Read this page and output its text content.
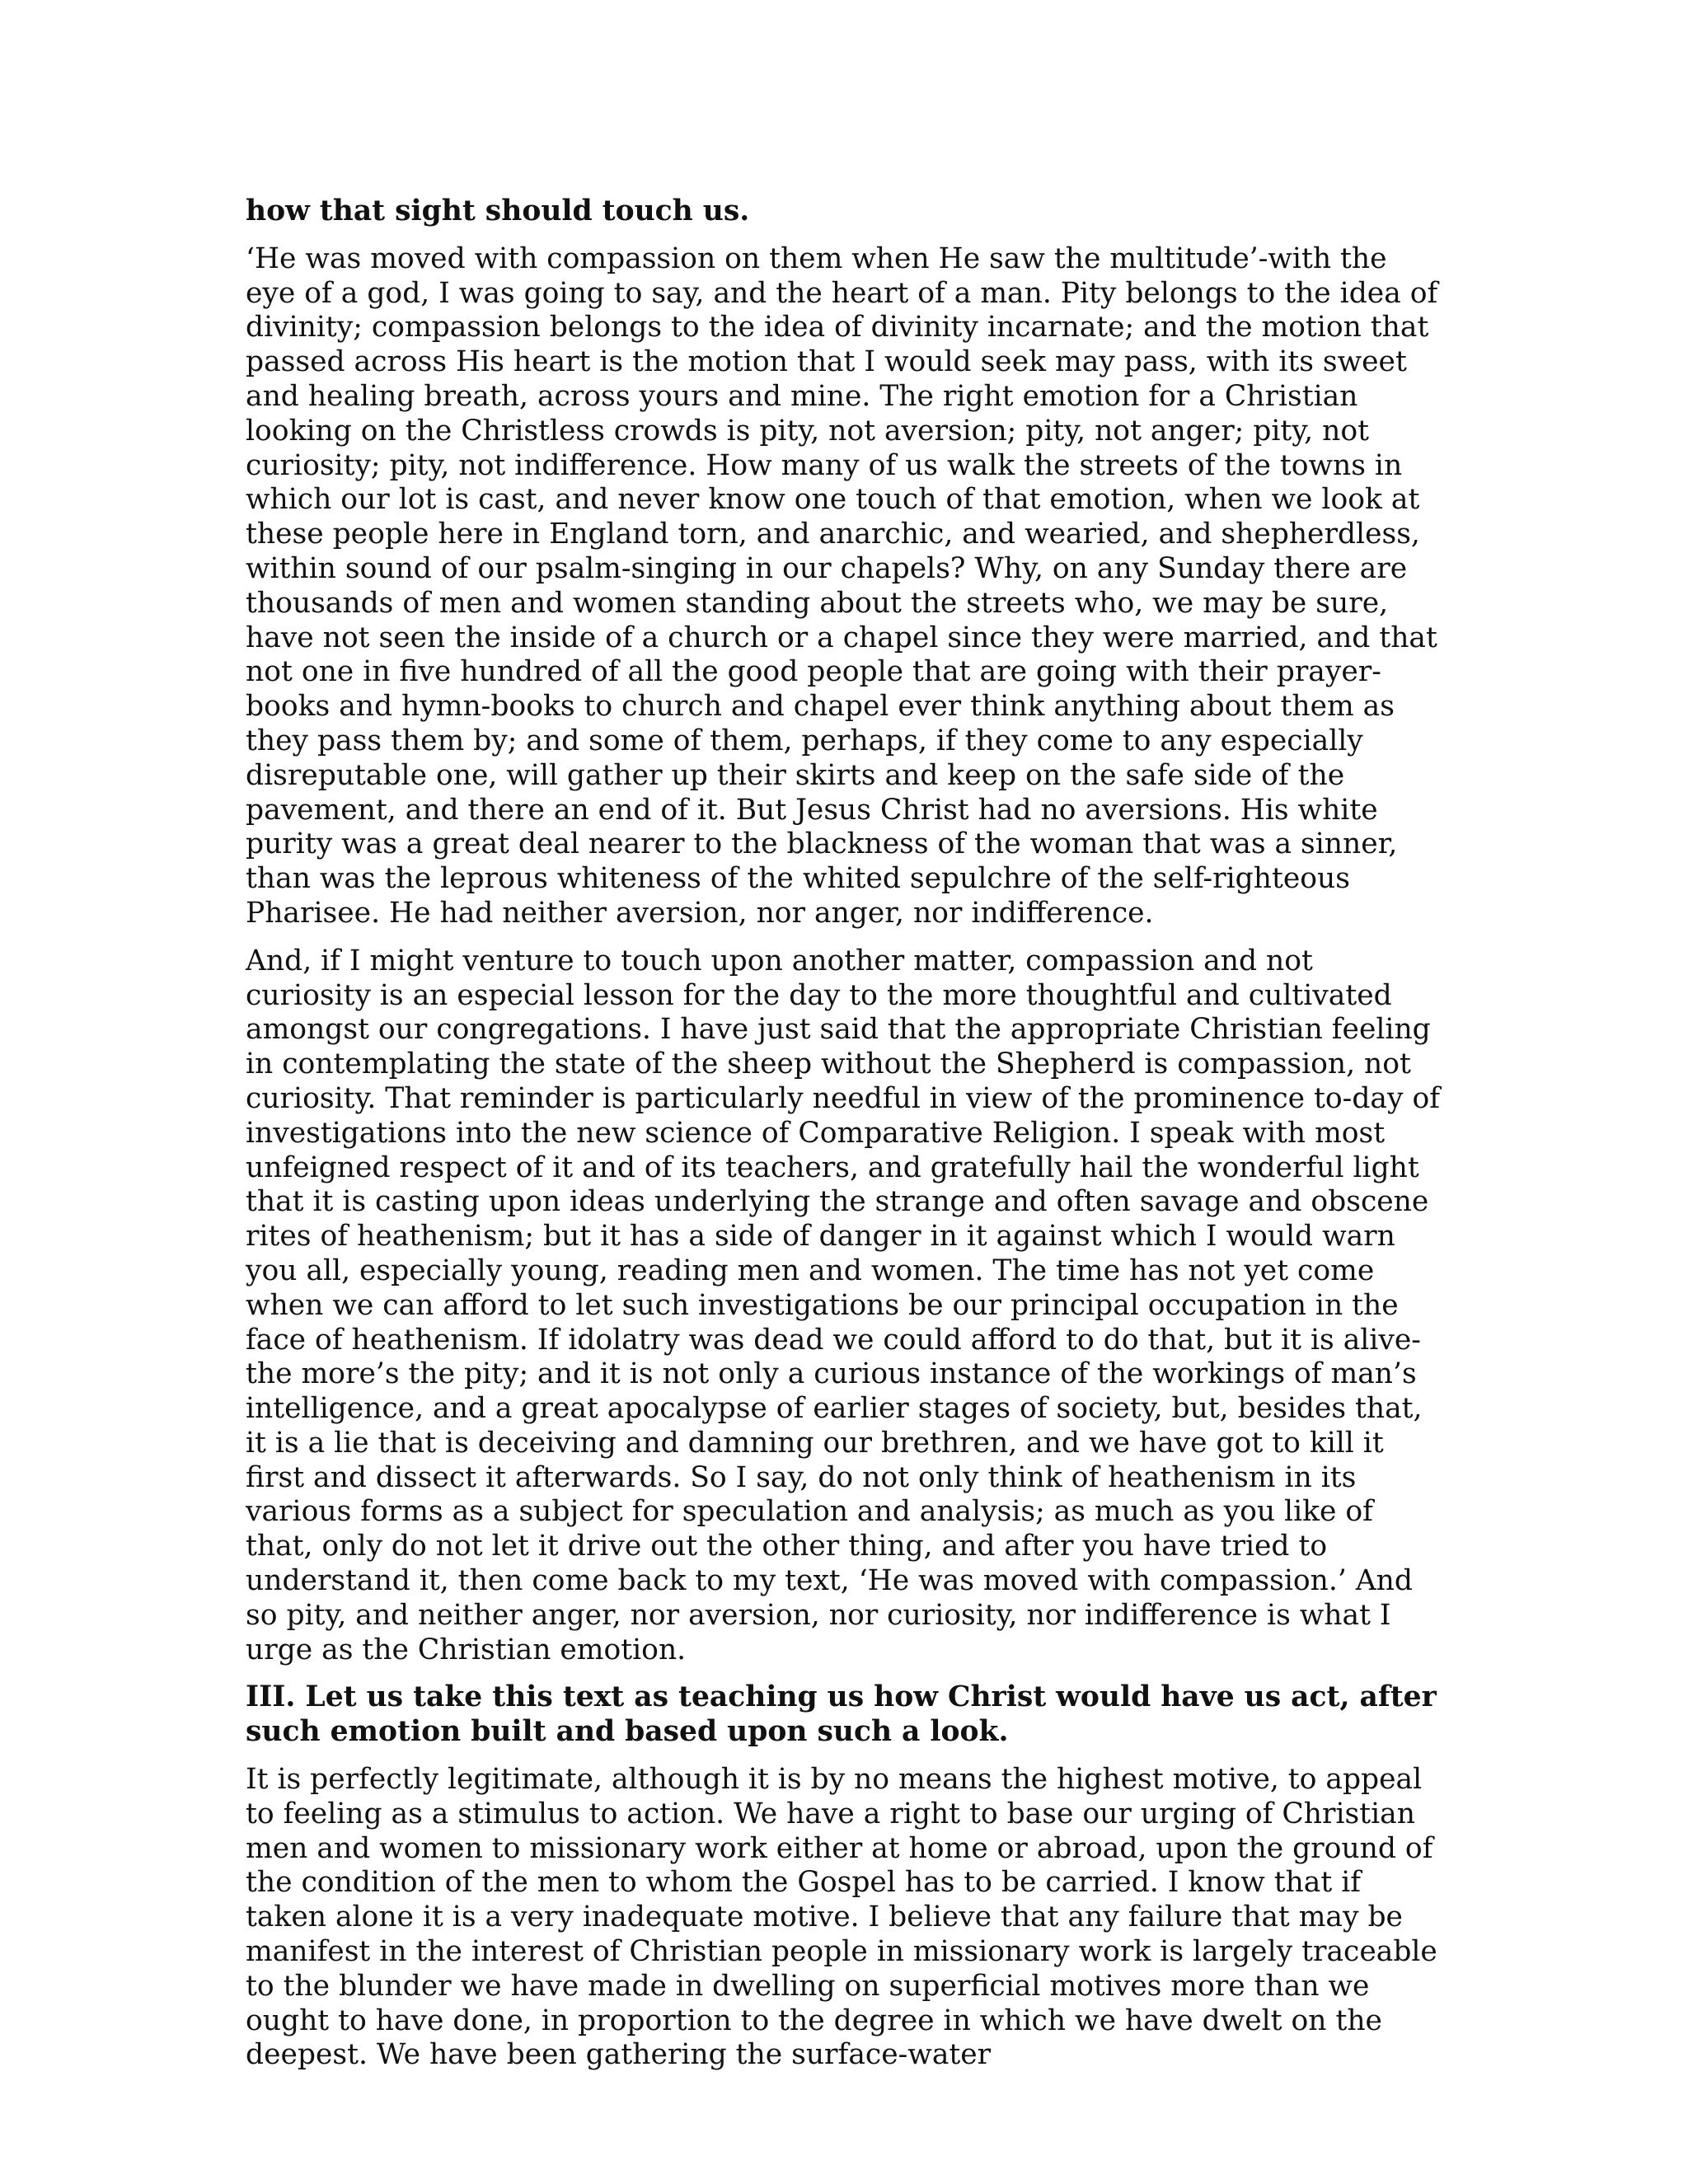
how that sight should touch us.

‘He was moved with compassion on them when He saw the multitude’-with the eye of a god, I was going to say, and the heart of a man. Pity belongs to the idea of divinity; compassion belongs to the idea of divinity incarnate; and the motion that passed across His heart is the motion that I would seek may pass, with its sweet and healing breath, across yours and mine. The right emotion for a Christian looking on the Christless crowds is pity, not aversion; pity, not anger; pity, not curiosity; pity, not indifference. How many of us walk the streets of the towns in which our lot is cast, and never know one touch of that emotion, when we look at these people here in England torn, and anarchic, and wearied, and shepherdless, within sound of our psalm-singing in our chapels? Why, on any Sunday there are thousands of men and women standing about the streets who, we may be sure, have not seen the inside of a church or a chapel since they were married, and that not one in five hundred of all the good people that are going with their prayer-books and hymn-books to church and chapel ever think anything about them as they pass them by; and some of them, perhaps, if they come to any especially disreputable one, will gather up their skirts and keep on the safe side of the pavement, and there an end of it. But Jesus Christ had no aversions. His white purity was a great deal nearer to the blackness of the woman that was a sinner, than was the leprous whiteness of the whited sepulchre of the self-righteous Pharisee. He had neither aversion, nor anger, nor indifference.

And, if I might venture to touch upon another matter, compassion and not curiosity is an especial lesson for the day to the more thoughtful and cultivated amongst our congregations. I have just said that the appropriate Christian feeling in contemplating the state of the sheep without the Shepherd is compassion, not curiosity. That reminder is particularly needful in view of the prominence to-day of investigations into the new science of Comparative Religion. I speak with most unfeigned respect of it and of its teachers, and gratefully hail the wonderful light that it is casting upon ideas underlying the strange and often savage and obscene rites of heathenism; but it has a side of danger in it against which I would warn you all, especially young, reading men and women. The time has not yet come when we can afford to let such investigations be our principal occupation in the face of heathenism. If idolatry was dead we could afford to do that, but it is alive-the more’s the pity; and it is not only a curious instance of the workings of man’s intelligence, and a great apocalypse of earlier stages of society, but, besides that, it is a lie that is deceiving and damning our brethren, and we have got to kill it first and dissect it afterwards. So I say, do not only think of heathenism in its various forms as a subject for speculation and analysis; as much as you like of that, only do not let it drive out the other thing, and after you have tried to understand it, then come back to my text, ‘He was moved with compassion.’ And so pity, and neither anger, nor aversion, nor curiosity, nor indifference is what I urge as the Christian emotion.

III. Let us take this text as teaching us how Christ would have us act, after such emotion built and based upon such a look.

It is perfectly legitimate, although it is by no means the highest motive, to appeal to feeling as a stimulus to action. We have a right to base our urging of Christian men and women to missionary work either at home or abroad, upon the ground of the condition of the men to whom the Gospel has to be carried. I know that if taken alone it is a very inadequate motive. I believe that any failure that may be manifest in the interest of Christian people in missionary work is largely traceable to the blunder we have made in dwelling on superficial motives more than we ought to have done, in proportion to the degree in which we have dwelt on the deepest. We have been gathering the surface-water
